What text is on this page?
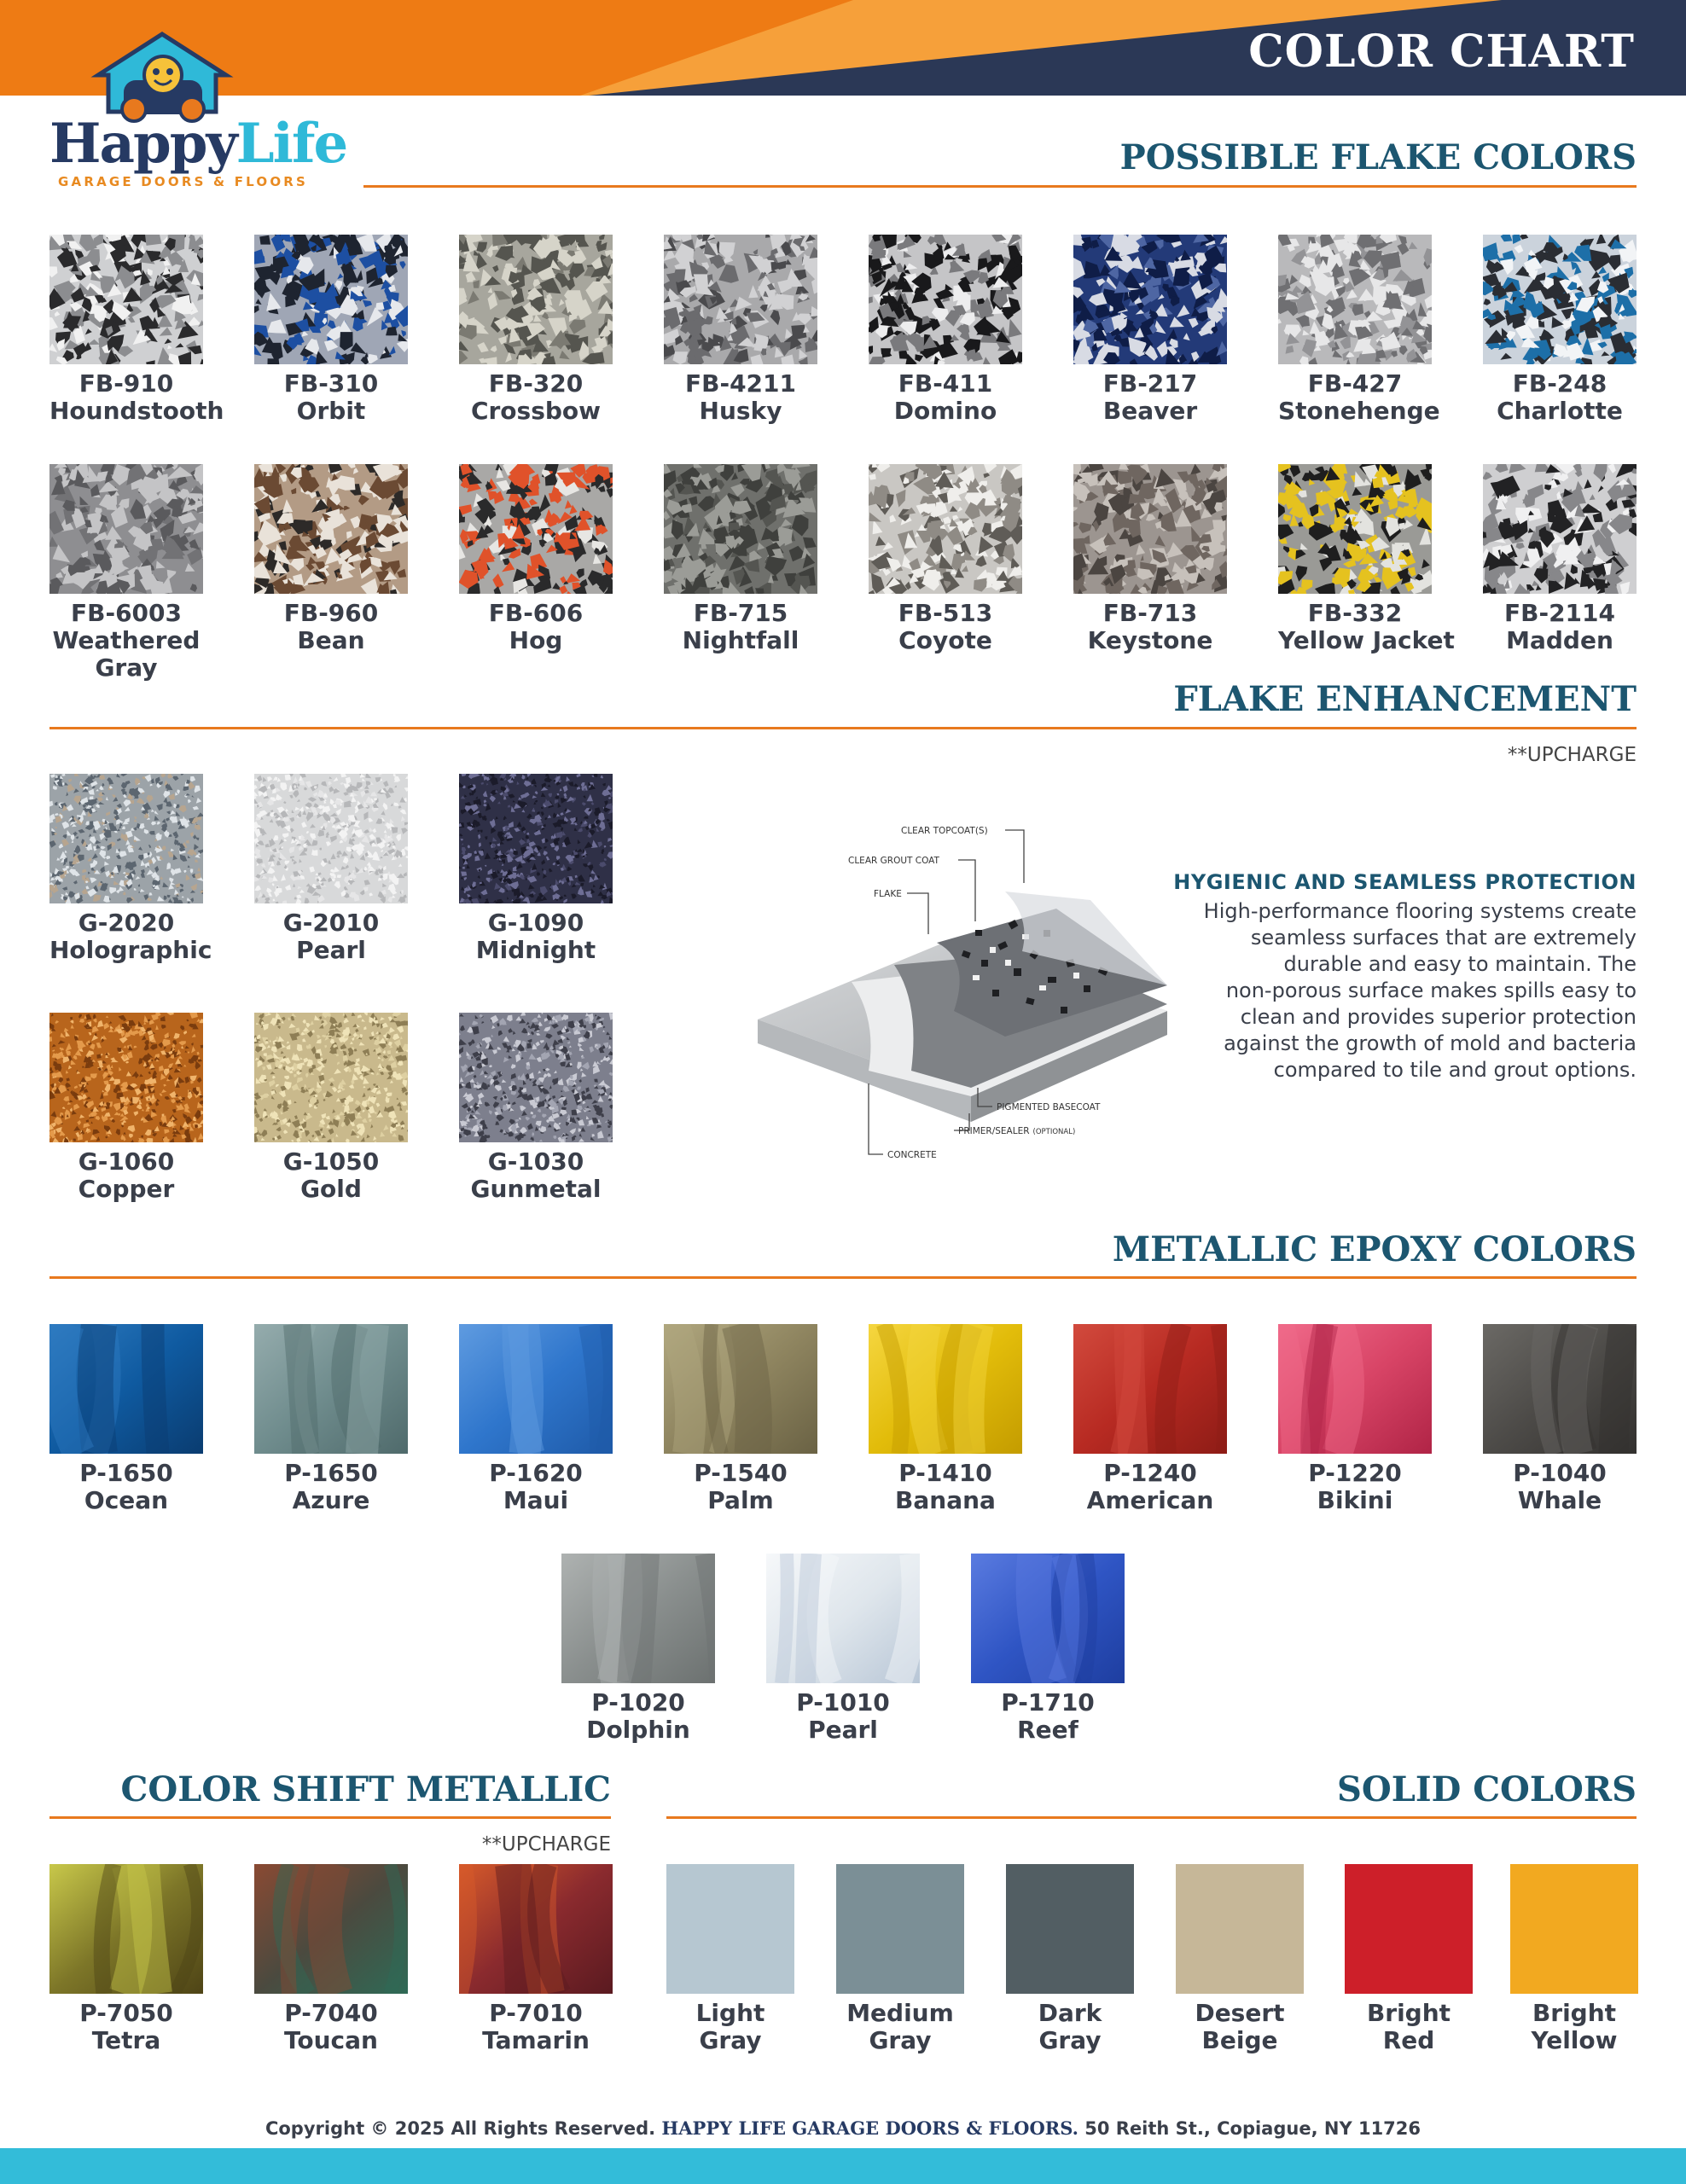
COLOR CHART
HappyLife
GARAGE DOORS & FLOORS
POSSIBLE FLAKE COLORS
FLAKE ENHANCEMENT
**UPCHARGE
METALLIC EPOXY COLORS
COLOR SHIFT METALLIC
**UPCHARGE
SOLID COLORS
FB-910
Houndstooth
FB-310
Orbit
FB-320
Crossbow
FB-4211
Husky
FB-411
Domino
FB-217
Beaver
FB-427
Stonehenge
FB-248
Charlotte
FB-6003
Weathered
Gray
FB-960
Bean
FB-606
Hog
FB-715
Nightfall
FB-513
Coyote
FB-713
Keystone
FB-332
Yellow Jacket
FB-2114
Madden
G-2020
Holographic
G-2010
Pearl
G-1090
Midnight
G-1060
Copper
G-1050
Gold
G-1030
Gunmetal
P-1650
Ocean
P-1650
Azure
P-1620
Maui
P-1540
Palm
P-1410
Banana
P-1240
American
P-1220
Bikini
P-1040
Whale
P-1020
Dolphin
P-1010
Pearl
P-1710
Reef
P-7050
Tetra
P-7040
Toucan
P-7010
Tamarin
Light
Gray
Medium
Gray
Dark
Gray
Desert
Beige
Bright
Red
Bright
Yellow
CLEAR TOPCOAT(S)
CLEAR GROUT COAT
FLAKE
PIGMENTED BASECOAT
PRIMER/SEALER (OPTIONAL)
CONCRETE
HYGIENIC AND SEAMLESS PROTECTION
High-performance flooring systems create
seamless surfaces that are extremely
durable and easy to maintain. The
non-porous surface makes spills easy to
clean and provides superior protection
against the growth of mold and bacteria
compared to tile and grout options.
Copyright © 2025 All Rights Reserved. HAPPY LIFE GARAGE DOORS & FLOORS. 50 Reith St., Copiague, NY 11726
